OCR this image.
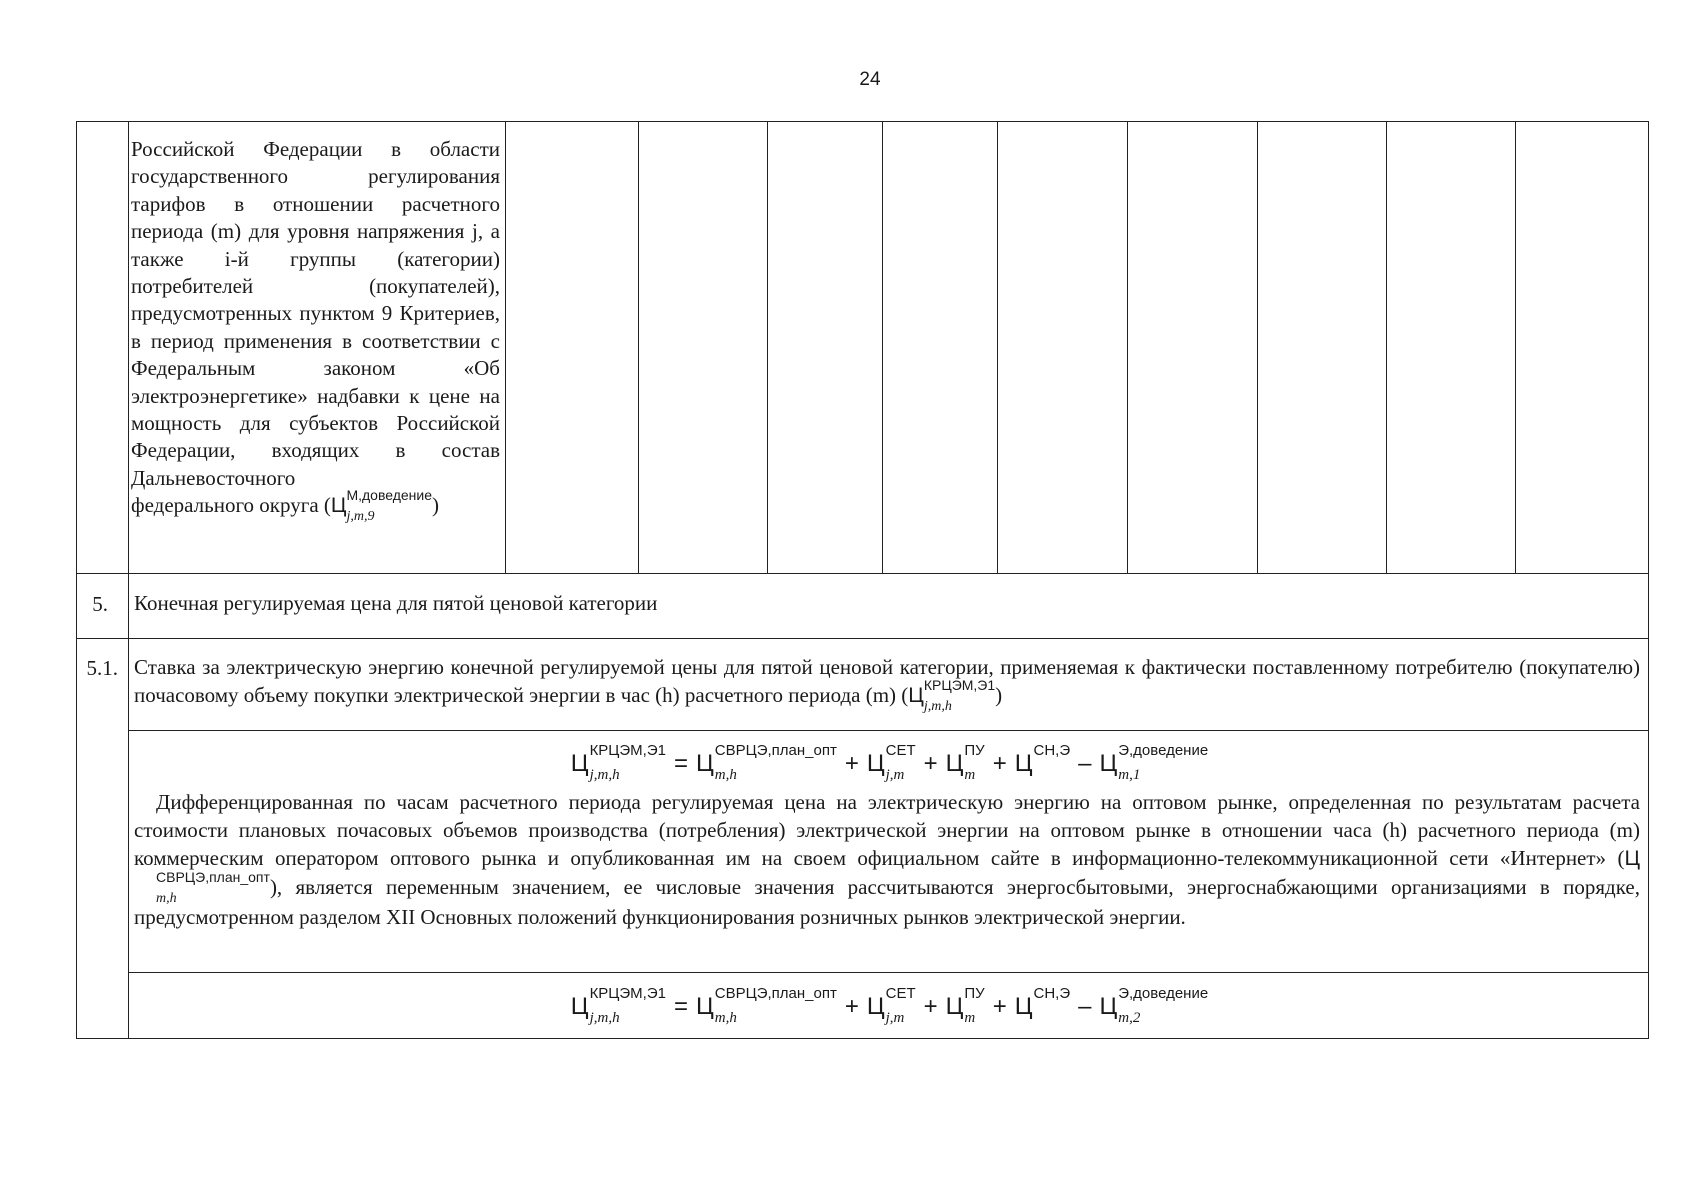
24
Российской Федерации в области государственного регулирования тарифов в отношении расчетного периода (m) для уровня напряжения j, а также i-й группы (категории) потребителей (покупателей), предусмотренных пунктом 9 Критериев, в период применения в соответствии с Федеральным законом «Об электроэнергетике» надбавки к цене на мощность для субъектов Российской Федерации, входящих в состав Дальневосточного
федерального округа (Ц М,доведение
j,m,9	)
5. Конечная регулируемая цена для пятой ценовой категории
5.1. Ставка за электрическую энергию конечной регулируемой цены для пятой ценовой категории, применяемая к фактически поставленному потребителю (покупателю) почасовому объему покупки электрической энергии в час (h) расчетного периода (m) (Ц КРЦЭМ,Э1
j,m,h	)
Ц КРЦЭМ,Э1
j,m,h	= Ц СВРЦЭ,план_опт
m,h	+ Ц СЕТ
j,m + Ц ПУ
m + Ц СН,Э
– Ц Э,доведение
m,1
Дифференцированная по часам расчетного периода регулируемая цена на электрическую энергию на оптовом рынке, определенная по результатам расчета стоимости плановых почасовых объемов производства (потребления) электрической энергии на оптовом рынке в отношении часа (h) расчетного периода (m) коммерческим оператором оптового рынка и опубликованная им на своем официальном сайте в информационно-телекоммуникационной сети «Интернет» (Ц
СВРЦЭ,план_опт
m,h	), является переменным значением, ее числовые значения рассчитываются энергосбытовыми, энергоснабжающими организациями в порядке, предусмотренном разделом XII Основных положений функционирования розничных рынков электрической энергии.
Ц КРЦЭМ,Э1
j,m,h	= Ц СВРЦЭ,план_опт
m,h	+ Ц СЕТ
j,m + Ц ПУ
m + Ц СН,Э
– Ц Э,доведение
m,2
